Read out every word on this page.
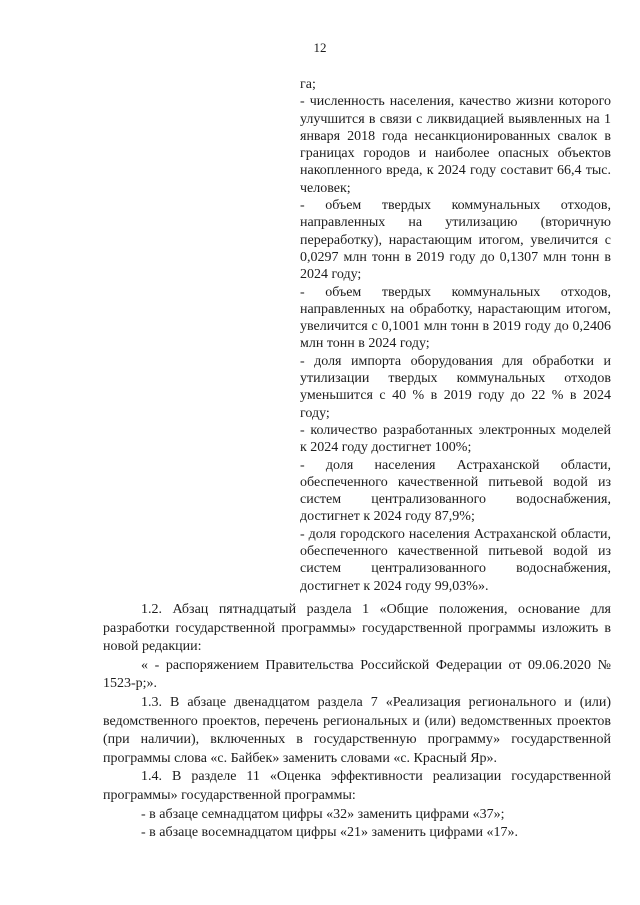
12

га;

- численность населения, качество жизни которого улучшится в связи с ликвидацией выявленных на 1 января 2018 года несанкционированных свалок в границах городов и наиболее опасных объектов накопленного вреда, к 2024 году составит 66,4 тыс. человек;

- объем твердых коммунальных отходов, направленных на утилизацию (вторичную переработку), нарастающим итогом, увеличится с 0,0297 млн тонн в 2019 году до 0,1307 млн тонн в 2024 году;

- объем твердых коммунальных отходов, направленных на обработку, нарастающим итогом, увеличится с 0,1001 млн тонн в 2019 году до 0,2406 млн тонн в 2024 году;

- доля импорта оборудования для обработки и утилизации твердых коммунальных отходов уменьшится с 40 % в 2019 году до 22 % в 2024 году;

- количество разработанных электронных моделей к 2024 году достигнет 100%;

- доля населения Астраханской области, обеспеченного качественной питьевой водой из систем централизованного водоснабжения, достигнет к 2024 году 87,9%;

- доля городского населения Астраханской области, обеспеченного качественной питьевой водой из систем централизованного водоснабжения, достигнет к 2024 году 99,03%».

1.2. Абзац пятнадцатый раздела 1 «Общие положения, основание для разработки государственной программы» государственной программы изложить в новой редакции:

« - распоряжением Правительства Российской Федерации от 09.06.2020 № 1523-р;».

1.3. В абзаце двенадцатом раздела 7 «Реализация регионального и (или) ведомственного проектов, перечень региональных и (или) ведомственных проектов (при наличии), включенных в государственную программу» государственной программы слова «с. Байбек» заменить словами «с. Красный Яр».

1.4. В разделе 11 «Оценка эффективности реализации государственной программы» государственной программы:

- в абзаце семнадцатом цифры «32» заменить цифрами «37»;

- в абзаце восемнадцатом цифры «21» заменить цифрами «17».
